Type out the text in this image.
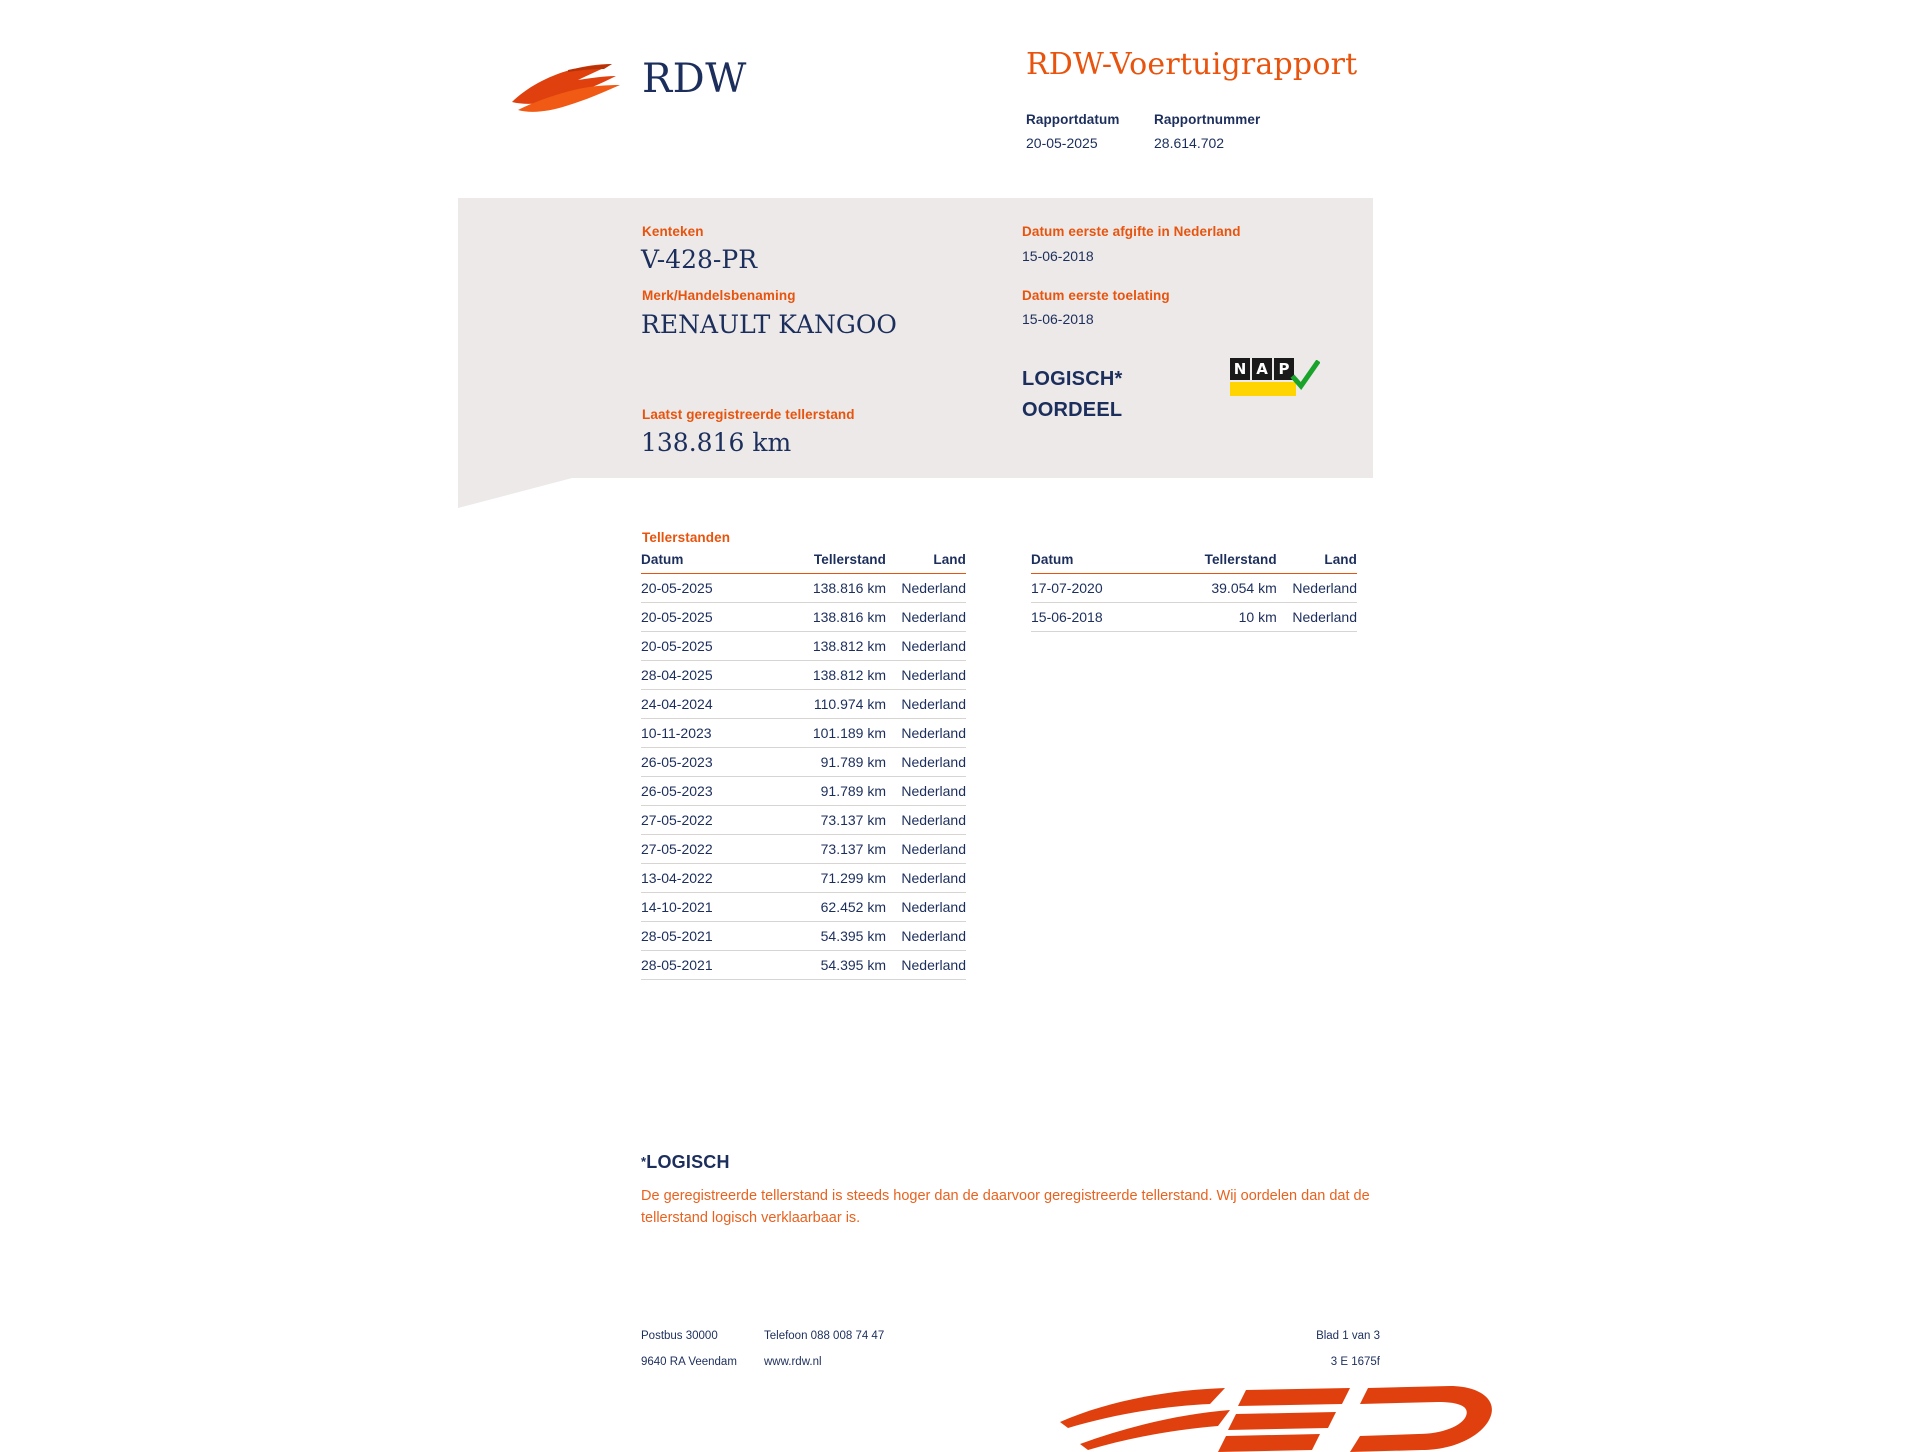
RDW	RDW-Voertuigrapport
Rapportdatum
20-05-2025
Rapportnummer
28.614.702
Kenteken
V-428-PR
Merk/Handelsbenaming
RENAULT KANGOO
Laatst geregistreerde tellerstand
138.816 km
Datum eerste afgifte in Nederland
15-06-2018
Datum eerste toelating
15-06-2018
LOGISCH*
OORDEEL
N A P
Tellerstanden
Datum	Tellerstand	Land
20-05-2025	138.816 km	Nederland
20-05-2025	138.816 km	Nederland
20-05-2025	138.812 km	Nederland
28-04-2025	138.812 km	Nederland
24-04-2024	110.974 km	Nederland
10-11-2023	101.189 km	Nederland
26-05-2023	91.789 km	Nederland
26-05-2023	91.789 km	Nederland
27-05-2022	73.137 km	Nederland
27-05-2022	73.137 km	Nederland
13-04-2022	71.299 km	Nederland
14-10-2021	62.452 km	Nederland
28-05-2021	54.395 km	Nederland
28-05-2021	54.395 km	Nederland
Datum	Tellerstand	Land
17-07-2020	39.054 km	Nederland
15-06-2018	10 km	Nederland
*LOGISCH
De geregistreerde tellerstand is steeds hoger dan de daarvoor geregistreerde tellerstand. Wij oordelen dan dat de tellerstand logisch verklaarbaar is.
Postbus 30000	Telefoon 088 008 74 47
9640 RA Veendam www.rdw.nl
Blad 1 van 3
3 E 1675f
